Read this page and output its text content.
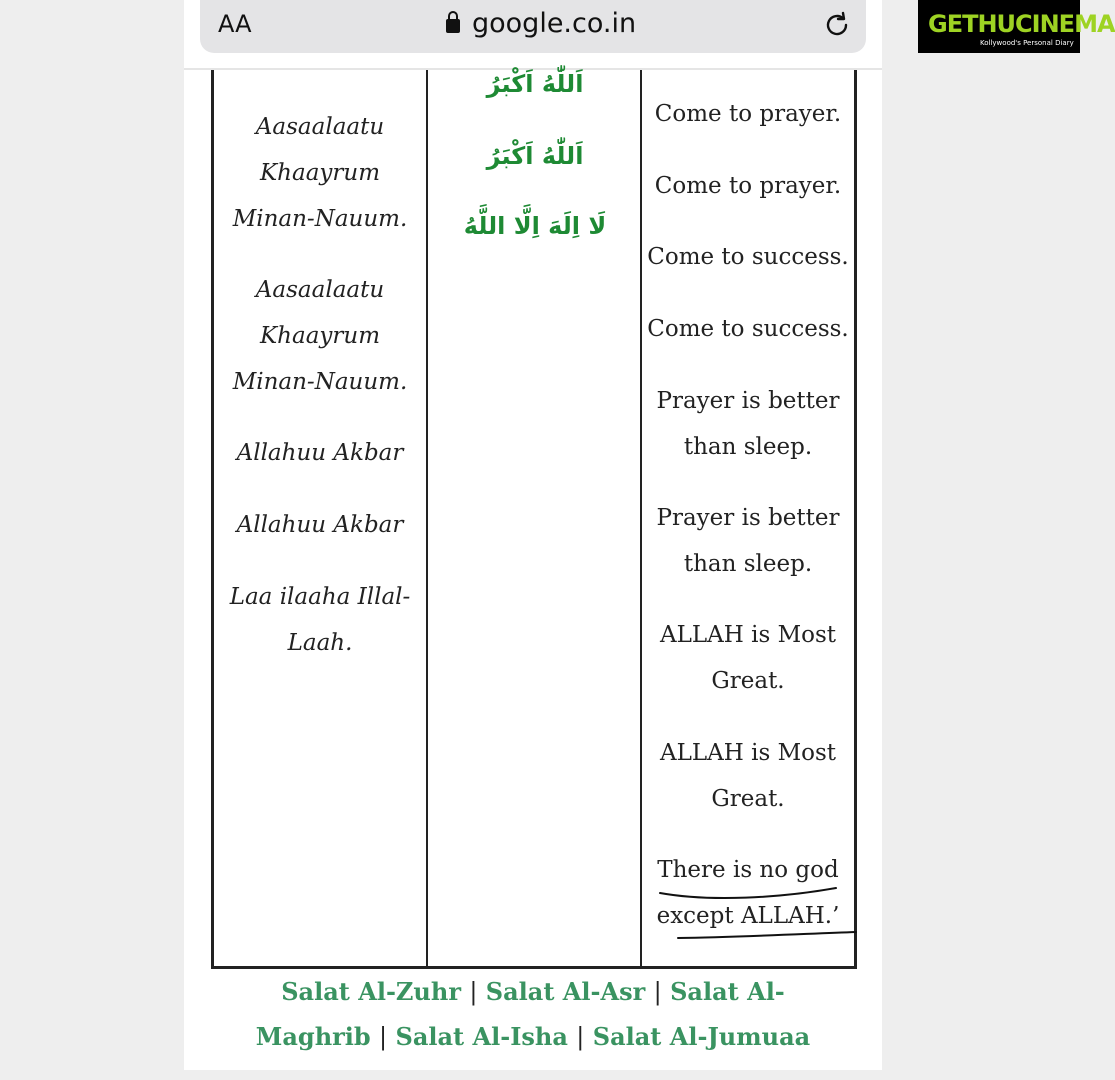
AA	google.co.in	GETHUCINEMA
Kollywood's Personal Diary
Aasaalaatu
Khaayrum
Minan-Nauum.
Aasaalaatu
Khaayrum
Minan-Nauum.
Allahuu Akbar
Allahuu Akbar
Laa ilaaha Illal-
Laah.
اَللّٰهُ اَكْبَرُ
اَللّٰهُ اَكْبَرُ
لَا اِلَهَ اِلَّا اللَّهُ
Come to prayer.
Come to prayer.
Come to success.
Come to success.
Prayer is better
than sleep.
Prayer is better
than sleep.
ALLAH is Most
Great.
ALLAH is Most
Great.
There is no god
except ALLAH.’
Salat Al-Zuhr | Salat Al-Asr | Salat Al-
Maghrib | Salat Al-Isha | Salat Al-Jumuaa
